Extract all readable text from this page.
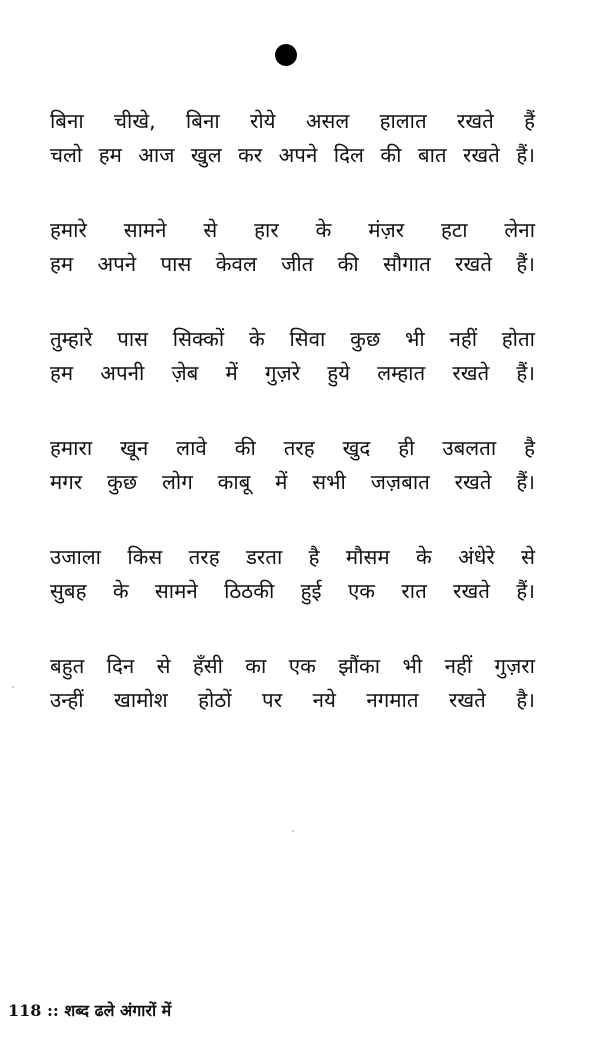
बिना चीखे, बिना रोये असल हालात रखते हैं
चलो हम आज खुल कर अपने दिल की बात रखते हैं।
हमारे सामने से हार के मंज़र हटा लेना
हम अपने पास केवल जीत की सौगात रखते हैं।
तुम्हारे पास सिक्कों के सिवा कुछ भी नहीं होता
हम अपनी ज़ेब में गुज़रे हुये लम्हात रखते हैं।
हमारा खून लावे की तरह खुद ही उबलता है
मगर कुछ लोग काबू में सभी जज़बात रखते हैं।
उजाला किस तरह डरता है मौसम के अंधेरे से
सुबह के सामने ठिठकी हुई एक रात रखते हैं।
बहुत दिन से हँसी का एक झौंका भी नहीं गुज़रा
उन्हीं खामोश होठों पर नये नगमात रखते है।
118 :: शब्द ढले अंगारों में
